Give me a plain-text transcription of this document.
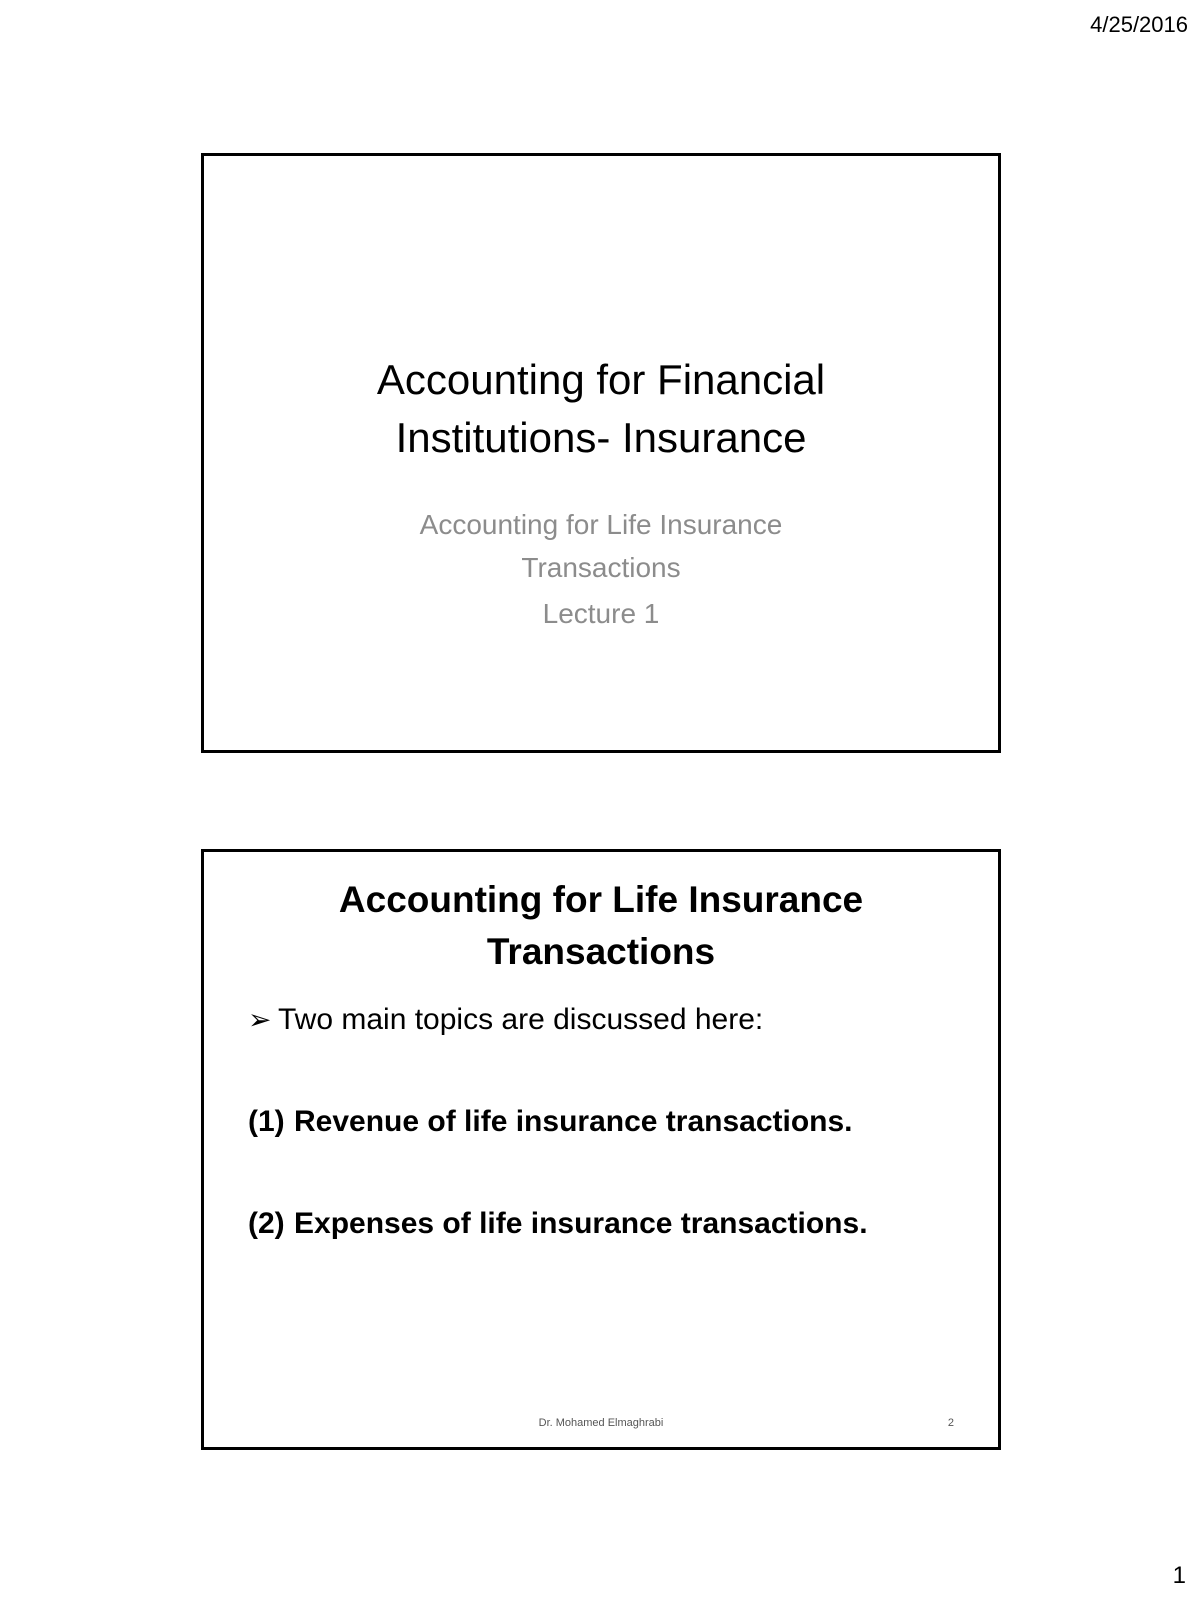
4/25/2016
Accounting for Financial
Institutions- Insurance
Accounting for Life Insurance
Transactions
Lecture 1
Accounting for Life Insurance
Transactions
➢ Two main topics are discussed here:
(1) Revenue of life insurance transactions.
(2) Expenses of life insurance transactions.
Dr. Mohamed Elmaghrabi	2
1
